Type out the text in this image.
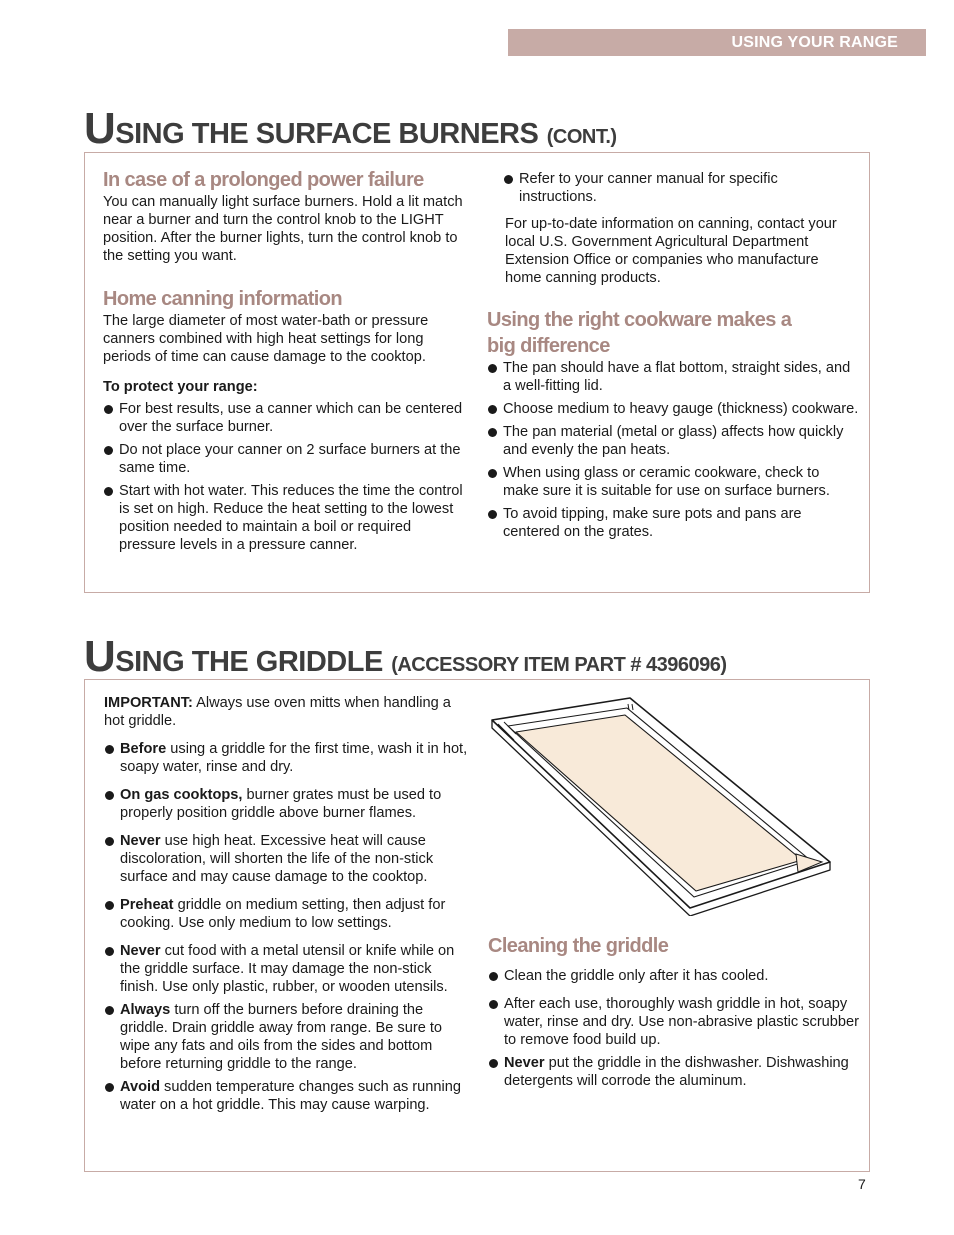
USING YOUR RANGE
USING THE SURFACE BURNERS (CONT.)
In case of a prolonged power failure

You can manually light surface burners. Hold a lit match near a burner and turn the control knob to the LIGHT position. After the burner lights, turn the control knob to the setting you want.

Home canning information

The large diameter of most water-bath or pressure canners combined with high heat settings for long periods of time can cause damage to the cooktop.

To protect your range:

For best results, use a canner which can be centered over the surface burner.
Do not place your canner on 2 surface burners at the same time.
Start with hot water. This reduces the time the control is set on high. Reduce the heat setting to the lowest position needed to maintain a boil or required pressure levels in a pressure canner.
Refer to your canner manual for specific instructions.

For up-to-date information on canning, contact your local U.S. Government Agricultural Department Extension Office or companies who manufacture home canning products.

Using the right cookware makes a
big difference
The pan should have a flat bottom, straight sides, and a well-fitting lid.
Choose medium to heavy gauge (thickness) cookware.
The pan material (metal or glass) affects how quickly and evenly the pan heats.
When using glass or ceramic cookware, check to make sure it is suitable for use on surface burners.
To avoid tipping, make sure pots and pans are centered on the grates.
USING THE GRIDDLE (ACCESSORY ITEM PART # 4396096)

IMPORTANT: Always use oven mitts when handling a hot griddle.

Before using a griddle for the first time, wash it in hot, soapy water, rinse and dry.
On gas cooktops, burner grates must be used to properly position griddle above burner flames.
Never use high heat. Excessive heat will cause discoloration, will shorten the life of the non-stick surface and may cause damage to the cooktop.
Preheat griddle on medium setting, then adjust for cooking. Use only medium to low settings.
Never cut food with a metal utensil or knife while on the griddle surface. It may damage the non-stick finish. Use only plastic, rubber, or wooden utensils.
Always turn off the burners before draining the griddle. Drain griddle away from range. Be sure to wipe any fats and oils from the sides and bottom before returning griddle to the range.
Avoid sudden temperature changes such as running water on a hot griddle. This may cause warping.
Cleaning the griddle
Clean the griddle only after it has cooled.
After each use, thoroughly wash griddle in hot, soapy water, rinse and dry. Use non-abrasive plastic scrubber to remove food build up.
Never put the griddle in the dishwasher. Dishwashing detergents will corrode the aluminum.
7
